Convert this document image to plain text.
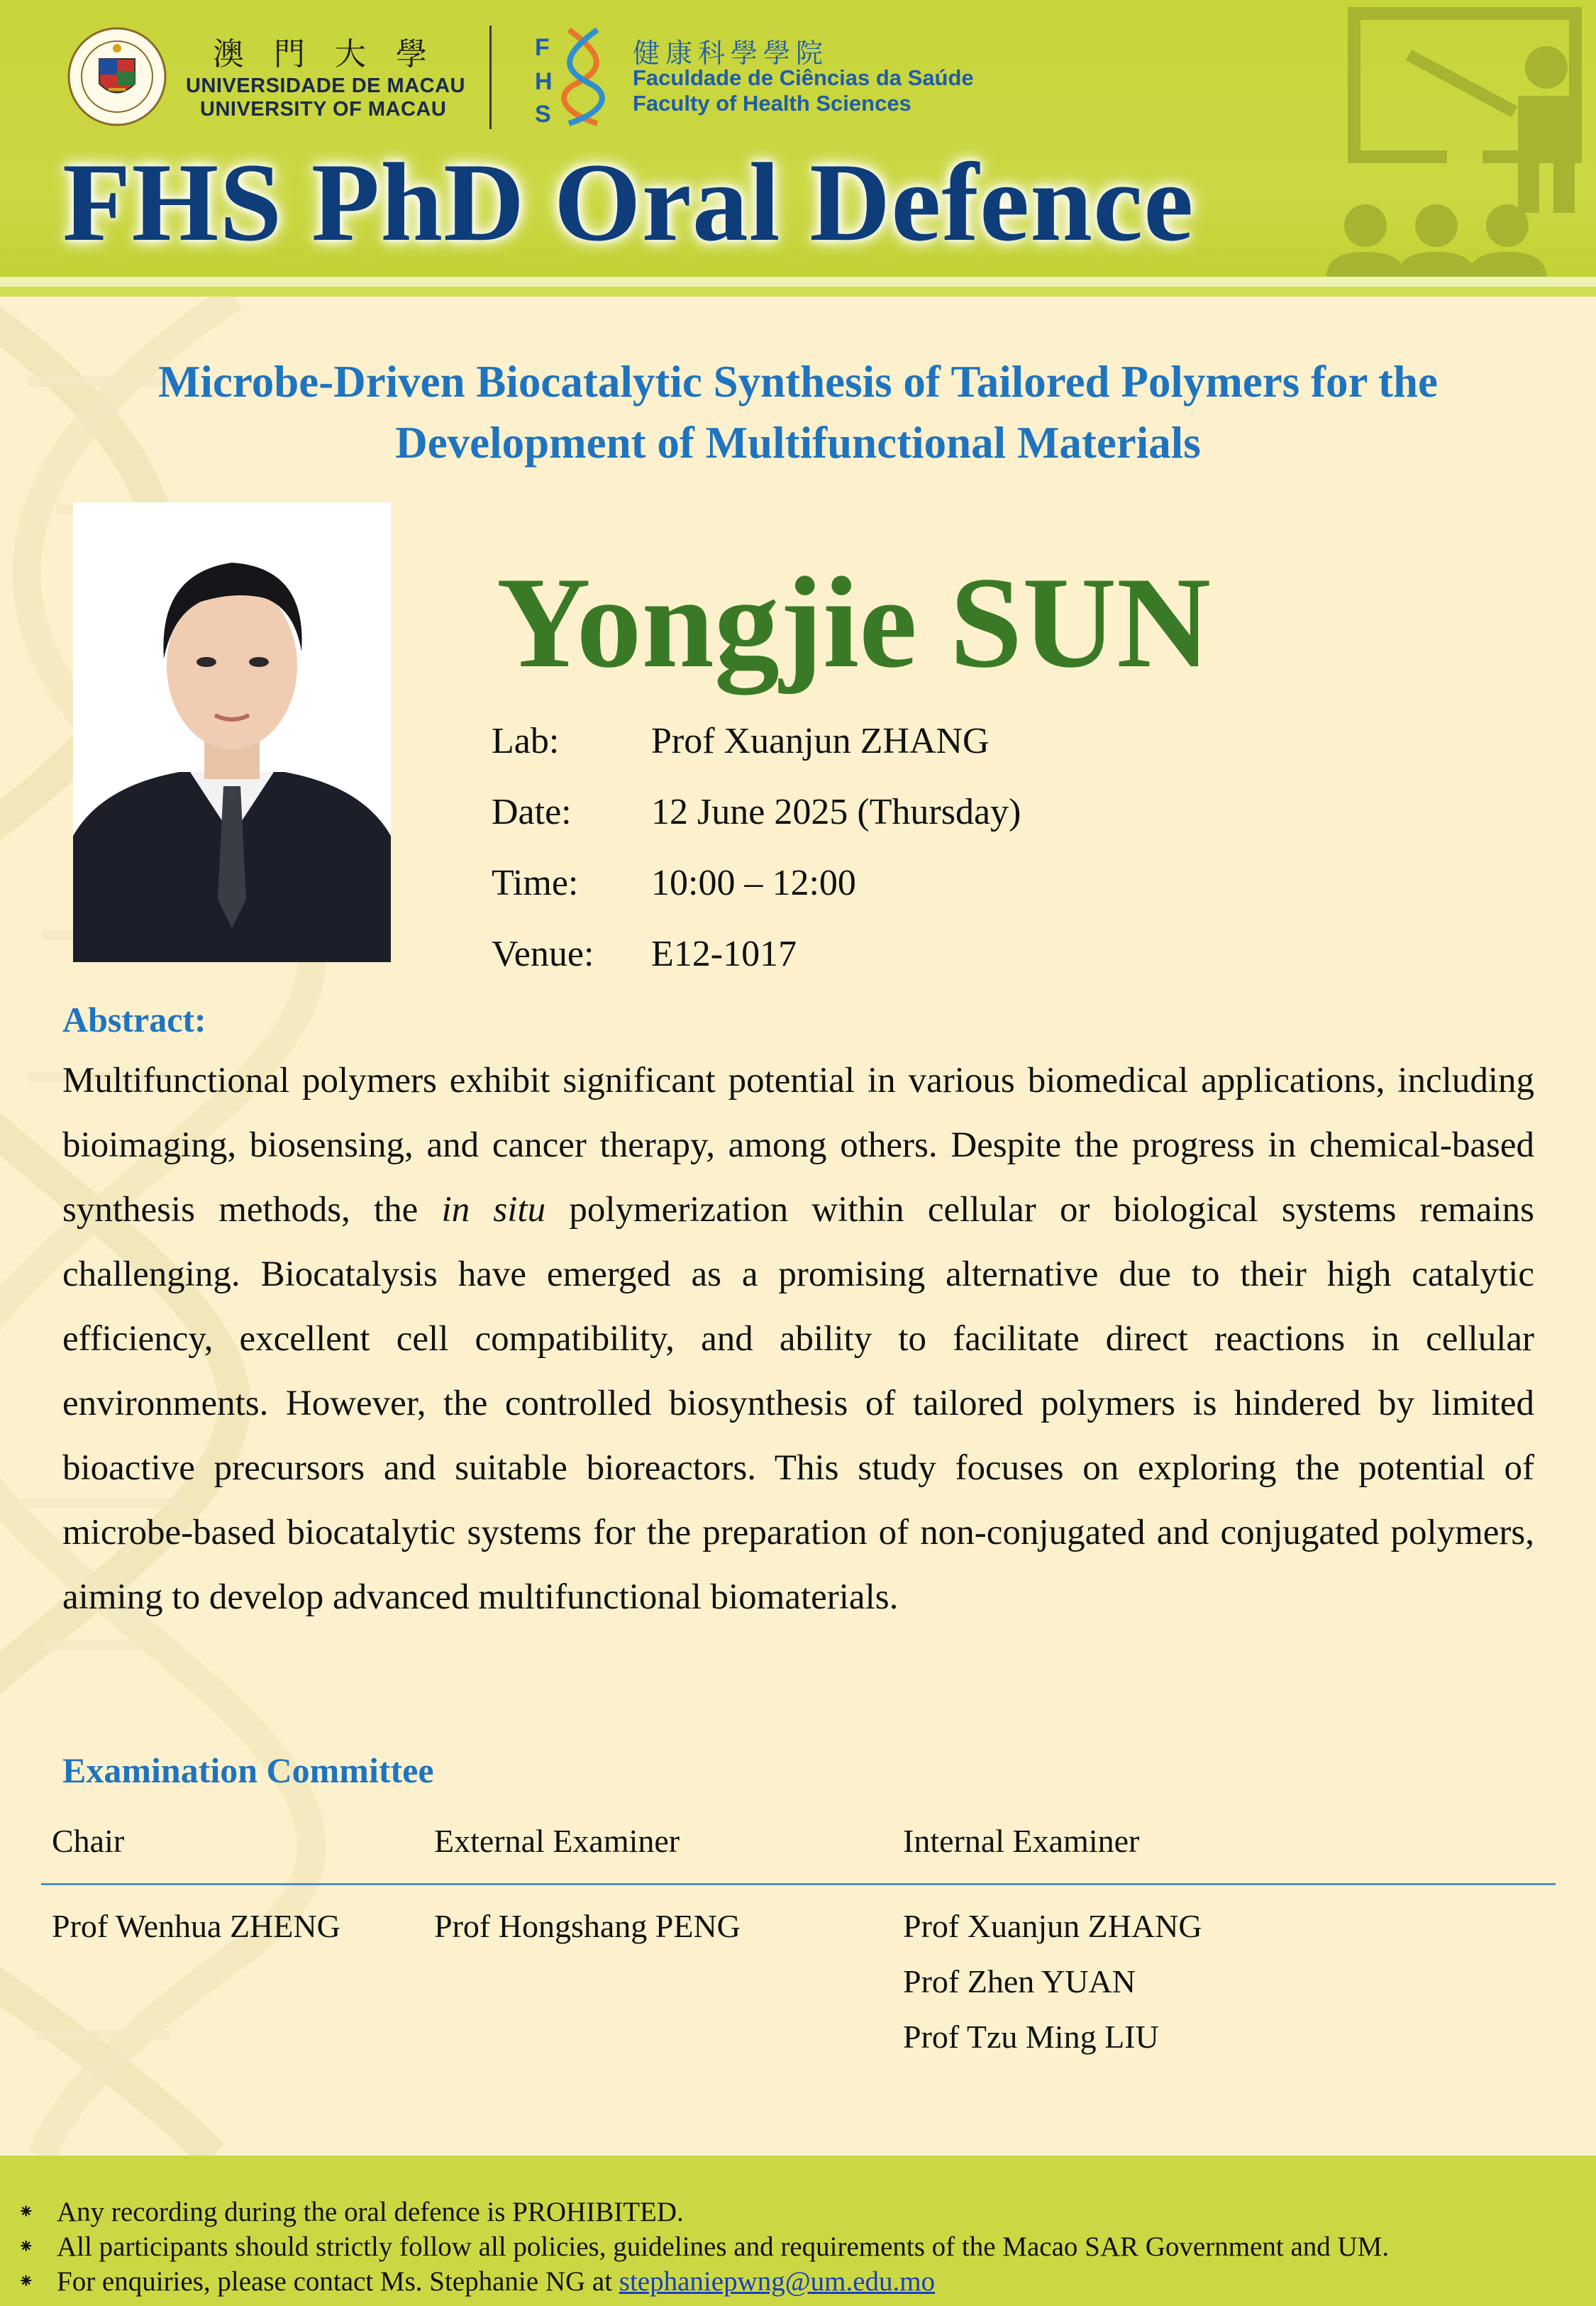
澳 門 大 學
UNIVERSIDADE DE MACAU
UNIVERSITY OF MACAU
F
H
S
健康科學學院
Faculdade de Ciências da Saúde
Faculty of Health Sciences
FHS PhD Oral Defence
Microbe-Driven Biocatalytic Synthesis of Tailored Polymers for the
Development of Multifunctional Materials
Yongjie SUN
Lab: Prof Xuanjun ZHANG
Date: 12 June 2025 (Thursday)
Time: 10:00 – 12:00
Venue: E12-1017
Abstract:
Multifunctional polymers exhibit significant potential in various biomedical applications, including bioimaging, biosensing, and cancer therapy, among others. Despite the progress in chemical-based synthesis methods, the in situ polymerization within cellular or biological systems remains challenging. Biocatalysis have emerged as a promising alternative due to their high catalytic efficiency, excellent cell compatibility, and ability to facilitate direct reactions in cellular environments. However, the controlled biosynthesis of tailored polymers is hindered by limited bioactive precursors and suitable bioreactors. This study focuses on exploring the potential of microbe-based biocatalytic systems for the preparation of non-conjugated and conjugated polymers, aiming to develop advanced multifunctional biomaterials.
Examination Committee
Chair	External Examiner	Internal Examiner
Prof Wenhua ZHENG	Prof Hongshang PENG	Prof Xuanjun ZHANG
Prof Zhen YUAN
Prof Tzu Ming LIU
⁕ Any recording during the oral defence is PROHIBITED.
⁕ All participants should strictly follow all policies, guidelines and requirements of the Macao SAR Government and UM.
⁕ For enquiries, please contact Ms. Stephanie NG at stephaniepwng@um.edu.mo
